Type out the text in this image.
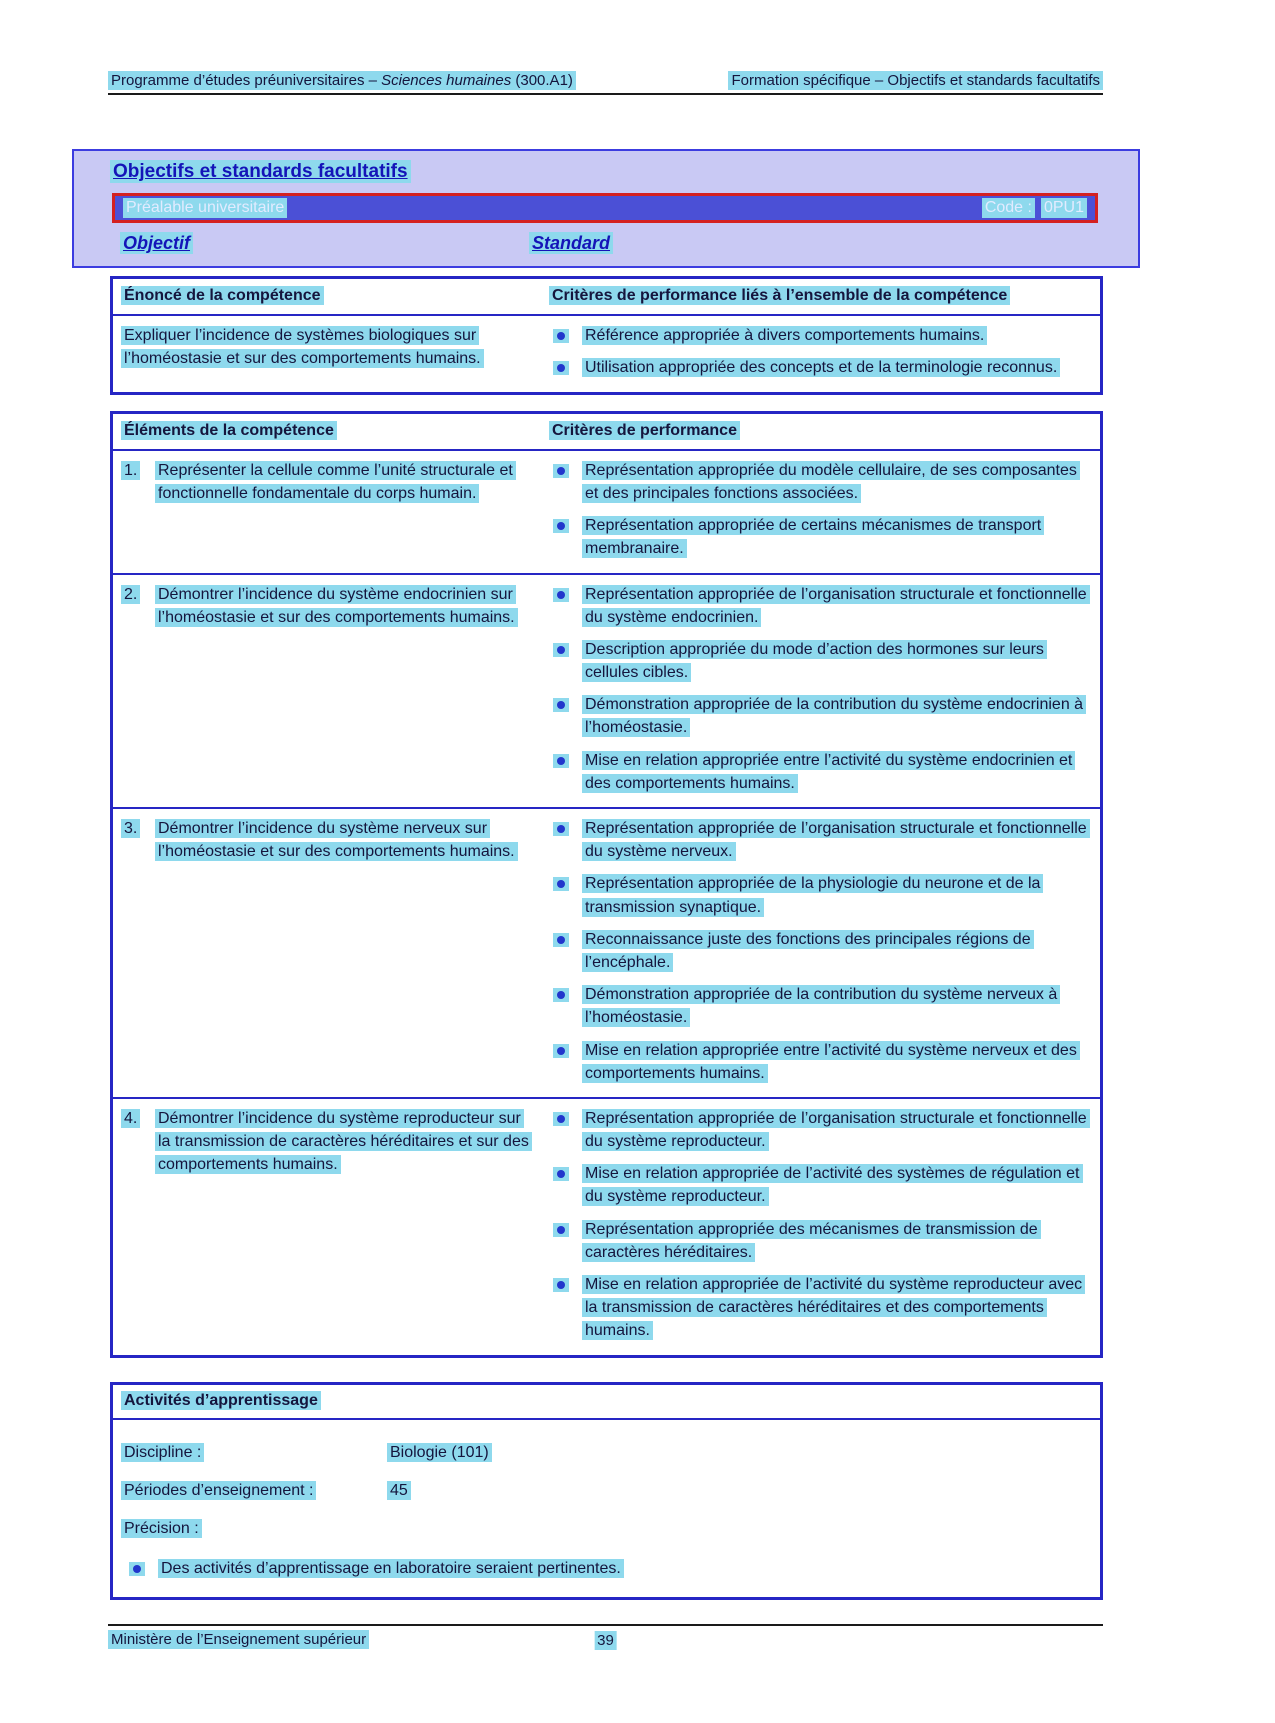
Programme d’études préuniversitaires – Sciences humaines (300.A1)	Formation spécifique – Objectifs et standards facultatifs
Objectifs et standards facultatifs
Préalable universitaire	Code : 0PU1
Objectif	Standard
Énoncé de la compétence	Critères de performance liés à l’ensemble de la compétence
Expliquer l’incidence de systèmes biologiques sur l’homéostasie et sur des comportements humains.
Référence appropriée à divers comportements humains.
Utilisation appropriée des concepts et de la terminologie reconnus.
Éléments de la compétence	Critères de performance
1.	Représenter la cellule comme l’unité structurale et fonctionnelle fondamentale du corps humain.
Représentation appropriée du modèle cellulaire, de ses composantes et des principales fonctions associées.
Représentation appropriée de certains mécanismes de transport membranaire.
2.	Démontrer l’incidence du système endocrinien sur l’homéostasie et sur des comportements humains.
Représentation appropriée de l’organisation structurale et fonctionnelle du système endocrinien.
Description appropriée du mode d’action des hormones sur leurs cellules cibles.
Démonstration appropriée de la contribution du système endocrinien à l’homéostasie.
Mise en relation appropriée entre l’activité du système endocrinien et des comportements humains.
3.	Démontrer l’incidence du système nerveux sur l’homéostasie et sur des comportements humains.
Représentation appropriée de l’organisation structurale et fonctionnelle du système nerveux.
Représentation appropriée de la physiologie du neurone et de la transmission synaptique.
Reconnaissance juste des fonctions des principales régions de l’encéphale.
Démonstration appropriée de la contribution du système nerveux à l’homéostasie.
Mise en relation appropriée entre l’activité du système nerveux et des comportements humains.
4.	Démontrer l’incidence du système reproducteur sur la transmission de caractères héréditaires et sur des comportements humains.
Représentation appropriée de l’organisation structurale et fonctionnelle du système reproducteur.
Mise en relation appropriée de l’activité des systèmes de régulation et du système reproducteur.
Représentation appropriée des mécanismes de transmission de caractères héréditaires.
Mise en relation appropriée de l’activité du système reproducteur avec la transmission de caractères héréditaires et des comportements humains.
Activités d’apprentissage
Discipline :	Biologie (101)
Périodes d’enseignement :	45
Précision :
Des activités d’apprentissage en laboratoire seraient pertinentes.
Ministère de l’Enseignement supérieur	39
